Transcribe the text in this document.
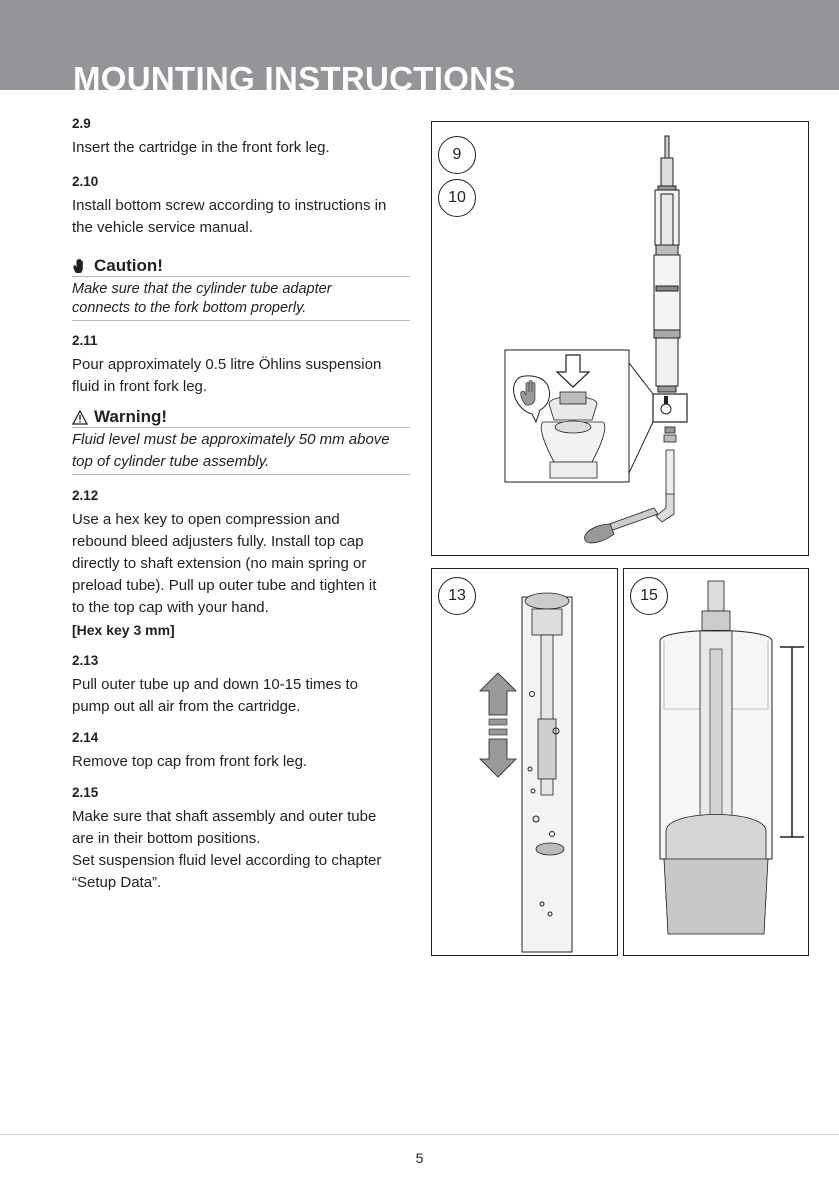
MOUNTING INSTRUCTIONS
2.9
Insert the cartridge in the front fork leg.
2.10
Install bottom screw according to instructions in
the vehicle service manual.
Caution!
Make sure that the cylinder tube adapter
connects to the fork bottom properly.
2.11
Pour approximately 0.5 litre Öhlins suspension
fluid in front fork leg.
Warning!
Fluid level must be approximately 50 mm above
top of cylinder tube assembly.
2.12
Use a hex key to open compression and
rebound bleed adjusters fully. Install top cap
directly to shaft extension (no main spring or
preload tube). Pull up outer tube and tighten it
to the top cap with your hand.
[Hex key 3 mm]
2.13
Pull outer tube up and down 10-15 times to
pump out all air from the cartridge.
2.14
Remove top cap from front fork leg.
2.15
Make sure that shaft assembly and outer tube
are in their bottom positions.
Set suspension fluid level according to chapter
“Setup Data”.
9
10
13	15
5
